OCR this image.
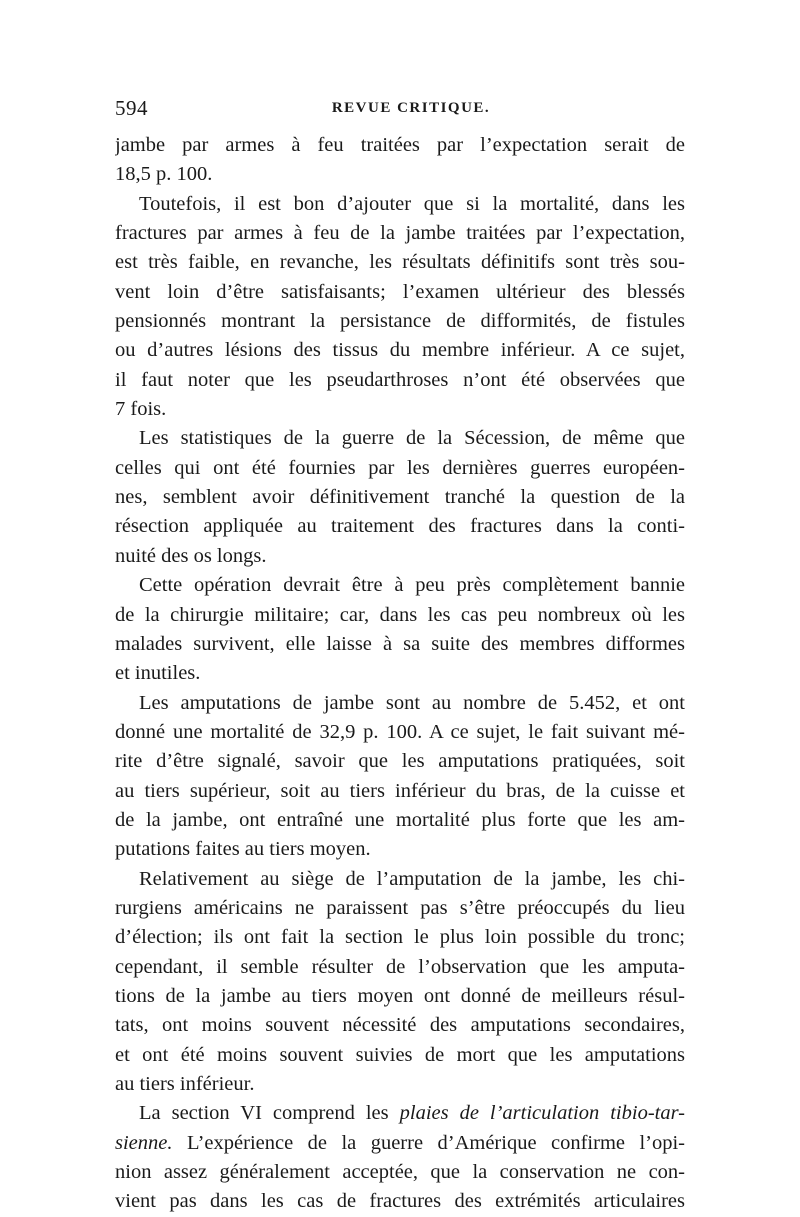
594	REVUE CRITIQUE.
jambe par armes à feu traitées par l’expectation serait de
18,5 p. 100.
Toutefois, il est bon d’ajouter que si la mortalité, dans les
fractures par armes à feu de la jambe traitées par l’expectation,
est très faible, en revanche, les résultats définitifs sont très sou-
vent loin d’être satisfaisants; l’examen ultérieur des blessés
pensionnés montrant la persistance de difformités, de fistules
ou d’autres lésions des tissus du membre inférieur. A ce sujet,
il faut noter que les pseudarthroses n’ont été observées que
7 fois.
Les statistiques de la guerre de la Sécession, de même que
celles qui ont été fournies par les dernières guerres européen-
nes, semblent avoir définitivement tranché la question de la
résection appliquée au traitement des fractures dans la conti-
nuité des os longs.
Cette opération devrait être à peu près complètement bannie
de la chirurgie militaire; car, dans les cas peu nombreux où les
malades survivent, elle laisse à sa suite des membres difformes
et inutiles.
Les amputations de jambe sont au nombre de 5.452, et ont
donné une mortalité de 32,9 p. 100. A ce sujet, le fait suivant mé-
rite d’être signalé, savoir que les amputations pratiquées, soit
au tiers supérieur, soit au tiers inférieur du bras, de la cuisse et
de la jambe, ont entraîné une mortalité plus forte que les am-
putations faites au tiers moyen.
Relativement au siège de l’amputation de la jambe, les chi-
rurgiens américains ne paraissent pas s’être préoccupés du lieu
d’élection; ils ont fait la section le plus loin possible du tronc;
cependant, il semble résulter de l’observation que les amputa-
tions de la jambe au tiers moyen ont donné de meilleurs résul-
tats, ont moins souvent nécessité des amputations secondaires,
et ont été moins souvent suivies de mort que les amputations
au tiers inférieur.
La section VI comprend les plaies de l’articulation tibio-tar-
sienne. L’expérience de la guerre d’Amérique confirme l’opi-
nion assez généralement acceptée, que la conservation ne con-
vient pas dans les cas de fractures des extrémités articulaires
